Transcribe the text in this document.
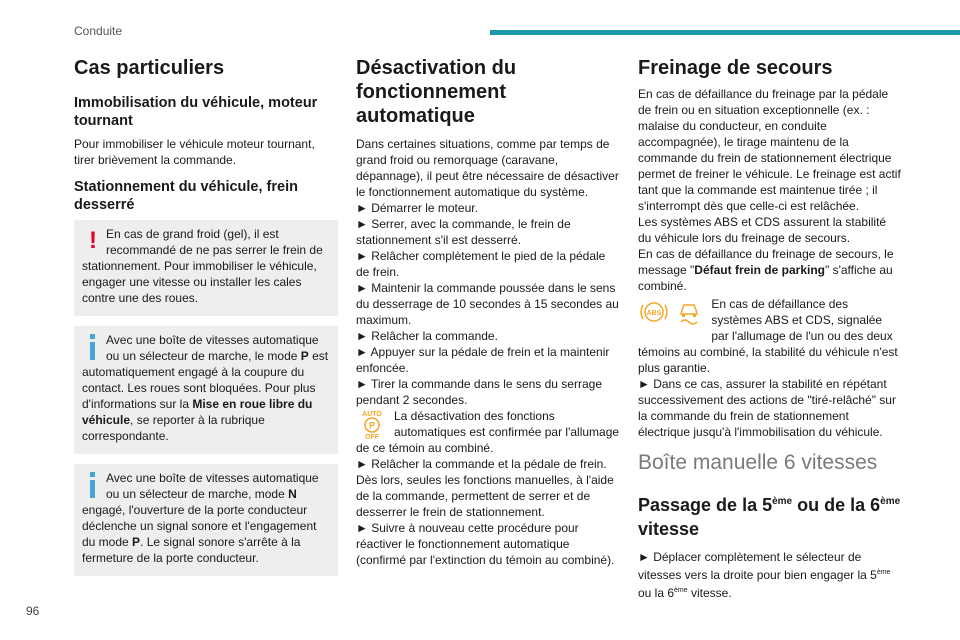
Conduite
Cas particuliers
Immobilisation du véhicule, moteur tournant

Pour immobiliser le véhicule moteur tournant, tirer brièvement la commande.

Stationnement du véhicule, frein desserré
! En cas de grand froid (gel), il est recommandé de ne pas serrer le frein de stationnement. Pour immobiliser le véhicule, engager une vitesse ou installer les cales contre une des roues.
Avec une boîte de vitesses automatique ou un sélecteur de marche, le mode P est automatiquement engagé à la coupure du contact. Les roues sont bloquées. Pour plus d'informations sur la Mise en roue libre du véhicule, se reporter à la rubrique correspondante.
Avec une boîte de vitesses automatique ou un sélecteur de marche, mode N engagé, l'ouverture de la porte conducteur déclenche un signal sonore et l'engagement du mode P. Le signal sonore s'arrête à la fermeture de la porte conducteur.
Désactivation du fonctionnement automatique

Dans certaines situations, comme par temps de grand froid ou remorquage (caravane, dépannage), il peut être nécessaire de désactiver le fonctionnement automatique du système.

► Démarrer le moteur.

► Serrer, avec la commande, le frein de stationnement s'il est desserré.

► Relâcher complètement le pied de la pédale de frein.

► Maintenir la commande poussée dans le sens du desserrage de 10 secondes à 15 secondes au maximum.

► Relâcher la commande.

► Appuyer sur la pédale de frein et la maintenir enfoncée.

► Tirer la commande dans le sens du serrage pendant 2 secondes.

AUTO
P
OFF
La désactivation des fonctions automatiques est confirmée par l'allumage de ce témoin au combiné.

► Relâcher la commande et la pédale de frein.

Dès lors, seules les fonctions manuelles, à l'aide de la commande, permettent de serrer et de desserrer le frein de stationnement.

► Suivre à nouveau cette procédure pour réactiver le fonctionnement automatique (confirmé par l'extinction du témoin au combiné).

Freinage de secours

En cas de défaillance du freinage par la pédale de frein ou en situation exceptionnelle (ex. : malaise du conducteur, en conduite accompagnée), le tirage maintenu de la commande du frein de stationnement électrique permet de freiner le véhicule. Le freinage est actif tant que la commande est maintenue tirée ; il s'interrompt dès que celle-ci est relâchée.

Les systèmes ABS et CDS assurent la stabilité du véhicule lors du freinage de secours.

En cas de défaillance du freinage de secours, le message "Défaut frein de parking" s'affiche au combiné.

ABS

En cas de défaillance des systèmes ABS et CDS, signalée par l'allumage de l'un ou des deux témoins au combiné, la stabilité du véhicule n'est plus garantie.

► Dans ce cas, assurer la stabilité en répétant successivement des actions de "tiré-relâché" sur la commande du frein de stationnement électrique jusqu'à l'immobilisation du véhicule.

Boîte manuelle 6 vitesses
Passage de la 5ème ou de la 6ème vitesse

► Déplacer complètement le sélecteur de vitesses vers la droite pour bien engager la 5ème ou la 6ème vitesse.

96
